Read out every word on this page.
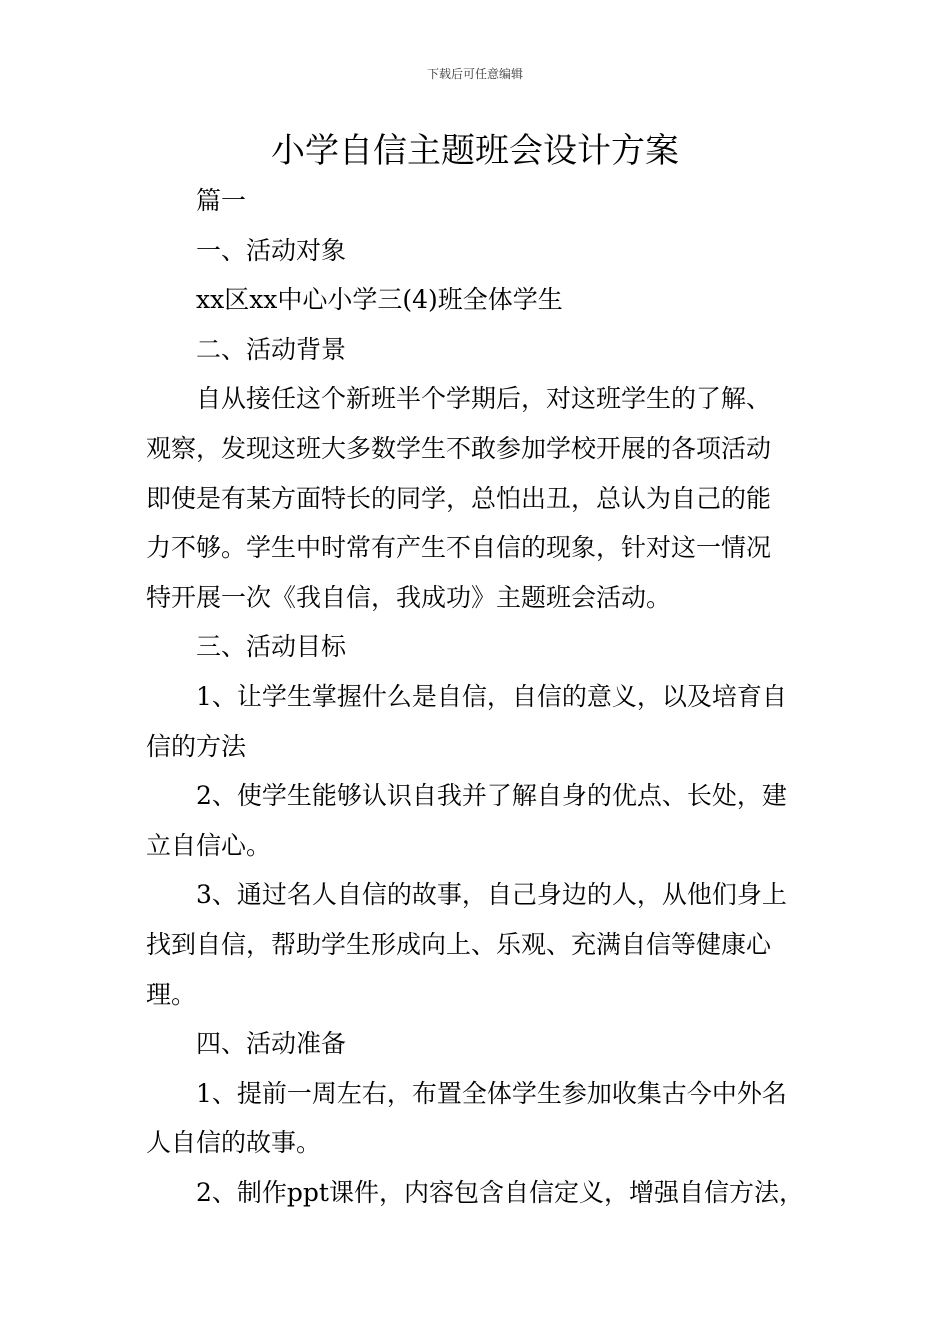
下载后可任意编辑
小学自信主题班会设计方案

篇一

一、活动对象

xx区xx中心小学三(4)班全体学生

二、活动背景

自从接任这个新班半个学期后，对这班学生的了解、
观察，发现这班大多数学生不敢参加学校开展的各项活动
即使是有某方面特长的同学，总怕出丑，总认为自己的能
力不够。学生中时常有产生不自信的现象，针对这一情况
特开展一次《我自信，我成功》主题班会活动。

三、活动目标

1、让学生掌握什么是自信，自信的意义，以及培育自
信的方法

2、使学生能够认识自我并了解自身的优点、长处，建
立自信心。

3、通过名人自信的故事，自己身边的人，从他们身上
找到自信，帮助学生形成向上、乐观、充满自信等健康心
理。

四、活动准备

1、提前一周左右，布置全体学生参加收集古今中外名
人自信的故事。

2、制作ppt课件，内容包含自信定义，增强自信方法，
